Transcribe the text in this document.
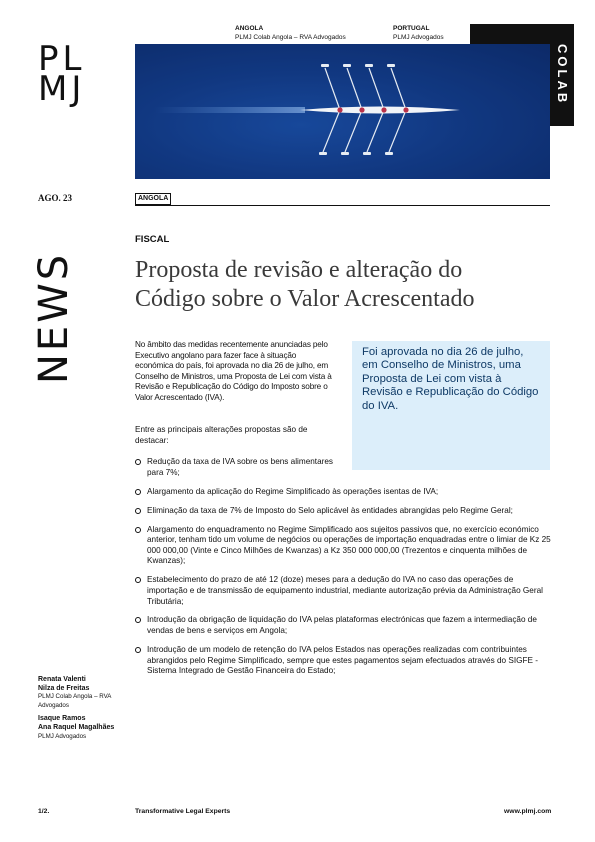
PL
MJ
ANGOLA
PLMJ Colab Angola – RVA Advogados
PORTUGAL
PLMJ Advogados
COLAB
AGO. 23	ANGOLA
NEWS
FISCAL
Proposta de revisão e alteração do
Código sobre o Valor Acrescentado
No âmbito das medidas recentemente anunciadas pelo Executivo angolano para fazer face à situação económica do país, foi aprovada no dia 26 de julho, em Conselho de Ministros, uma Proposta de Lei com vista à Revisão e Republicação do Código do Imposto sobre o Valor Acrescentado (IVA).
Entre as principais alterações propostas são de destacar:

Foi aprovada no dia 26 de julho, em Conselho de Ministros, uma Proposta de Lei com vista à Revisão e Republicação do Código do IVA.

Redução da taxa de IVA sobre os bens alimentares para 7%;
Alargamento da aplicação do Regime Simplificado às operações isentas de IVA;
Eliminação da taxa de 7% de Imposto do Selo aplicável às entidades abrangidas pelo Regime Geral;
Alargamento do enquadramento no Regime Simplificado aos sujeitos passivos que, no exercício económico anterior, tenham tido um volume de negócios ou operações de importação enquadradas entre o limiar de Kz 25 000 000,00 (Vinte e Cinco Milhões de Kwanzas) a Kz 350 000 000,00 (Trezentos e cinquenta milhões de Kwanzas);
Estabelecimento do prazo de até 12 (doze) meses para a dedução do IVA no caso das operações de importação e de transmissão de equipamento industrial, mediante autorização prévia da Administração Geral Tributária;
Introdução da obrigação de liquidação do IVA pelas plataformas electrónicas que fazem a intermediação de vendas de bens e serviços em Angola;
Introdução de um modelo de retenção do IVA pelos Estados nas operações realizadas com contribuintes abrangidos pelo Regime Simplificado, sempre que estes pagamentos sejam efectuados através do SIGFE - Sistema Integrado de Gestão Financeira do Estado;
Renata Valenti
Nilza de Freitas
PLMJ Colab Angola – RVA Advogados
Isaque Ramos
Ana Raquel Magalhães
PLMJ Advogados
1/2.	Transformative Legal Experts	www.plmj.com
